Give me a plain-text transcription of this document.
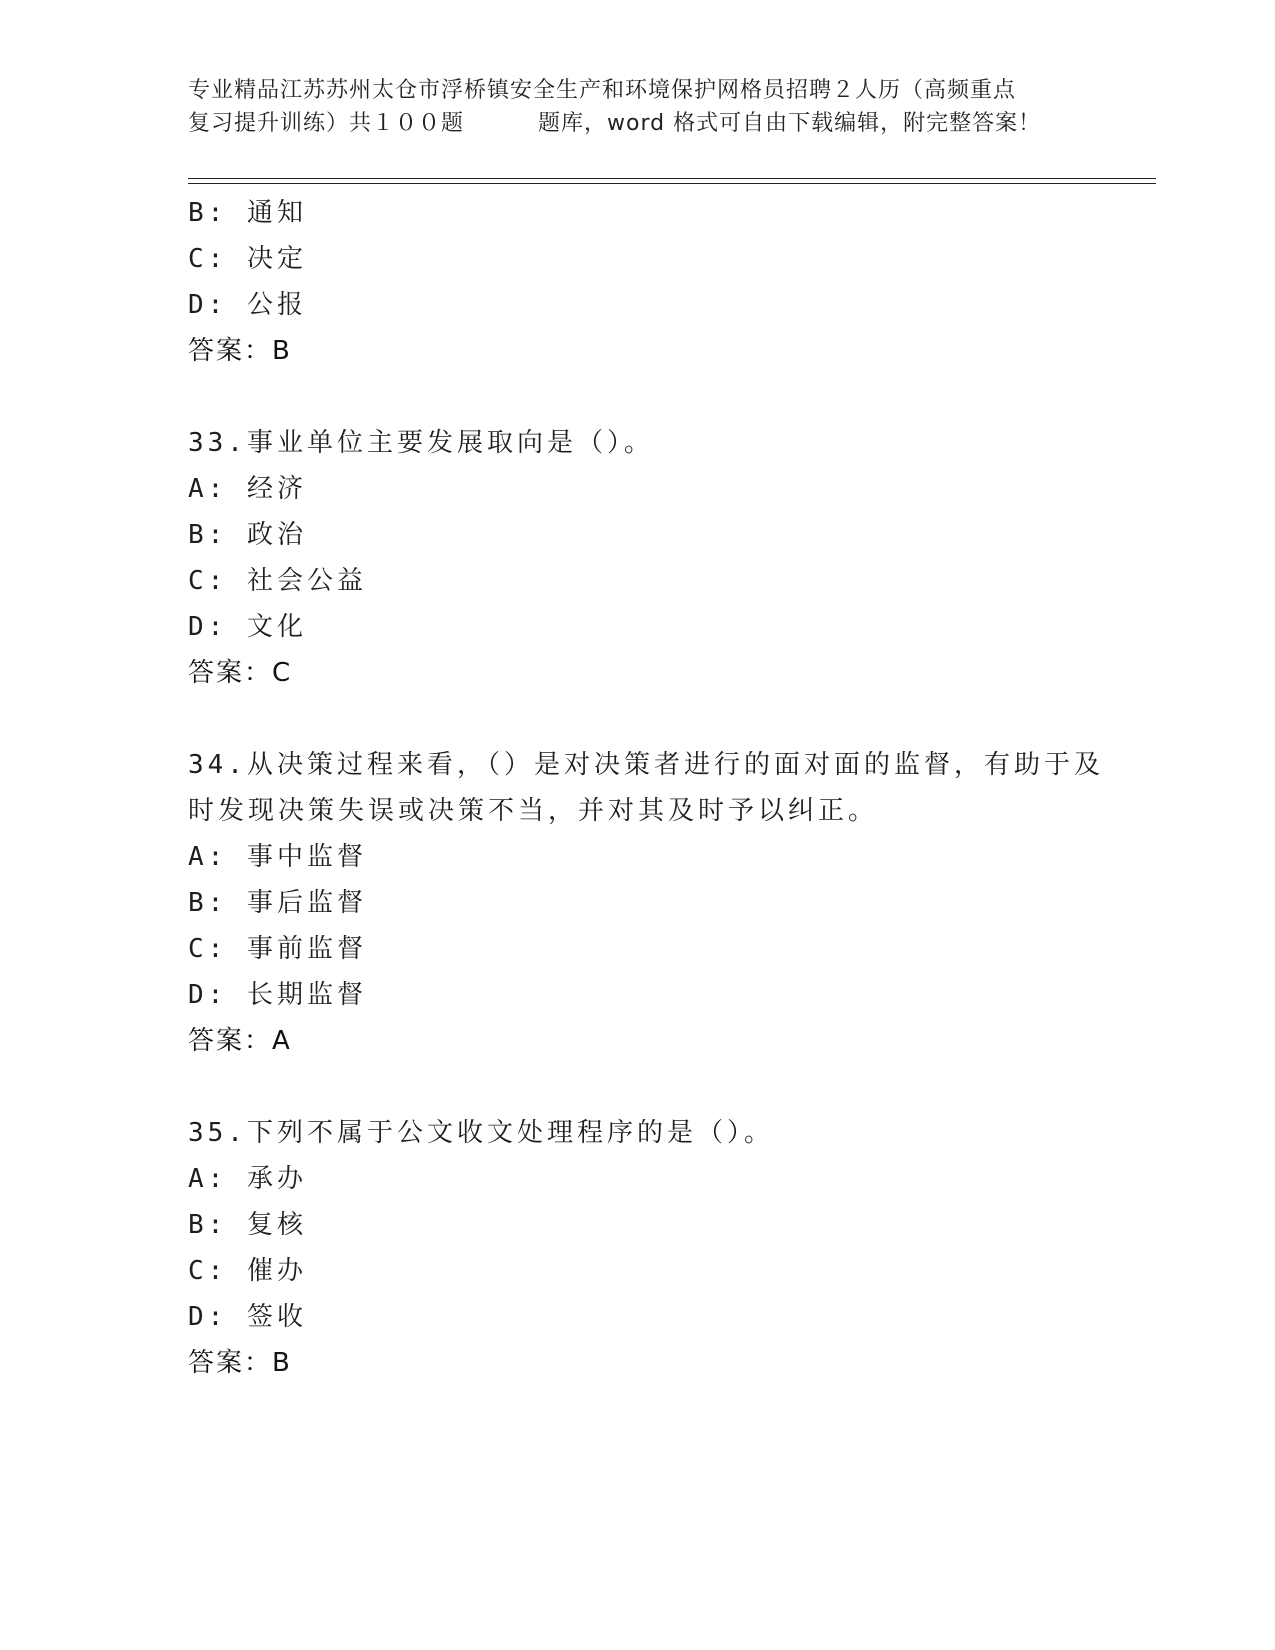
专业精品江苏苏州太仓市浮桥镇安全生产和环境保护网格员招聘２人历（高频重点
复习提升训练）共１００题	题库，word 格式可自由下载编辑，附完整答案！
B: 通知
C: 决定
D: 公报
答案：B
33.事业单位主要发展取向是（）。
A: 经济
B: 政治
C: 社会公益
D: 文化
答案：C
34.从决策过程来看，（）是对决策者进行的面对面的监督，有助于及
时发现决策失误或决策不当，并对其及时予以纠正。
A: 事中监督
B: 事后监督
C: 事前监督
D: 长期监督
答案：A
35.下列不属于公文收文处理程序的是（）。
A: 承办
B: 复核
C: 催办
D: 签收
答案：B
